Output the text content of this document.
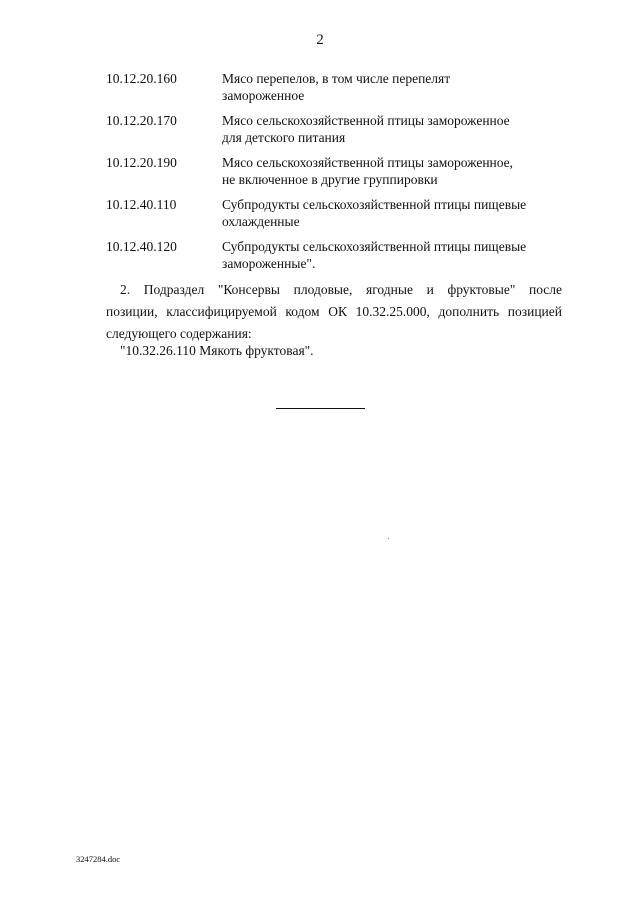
2
10.12.20.160	Мясо перепелов, в том числе перепелят
замороженное

10.12.20.170	Мясо сельскохозяйственной птицы замороженное
для детского питания

10.12.20.190	Мясо сельскохозяйственной птицы замороженное,
не включенное в другие группировки

10.12.40.110	Субпродукты сельскохозяйственной птицы пищевые
охлажденные

10.12.40.120	Субпродукты сельскохозяйственной птицы пищевые
замороженные".
2. Подраздел "Консервы плодовые, ягодные и фруктовые" после
позиции, классифицируемой кодом ОК 10.32.25.000, дополнить позицией
следующего содержания:
"10.32.26.110 Мякоть фруктовая".
3247284.doc
